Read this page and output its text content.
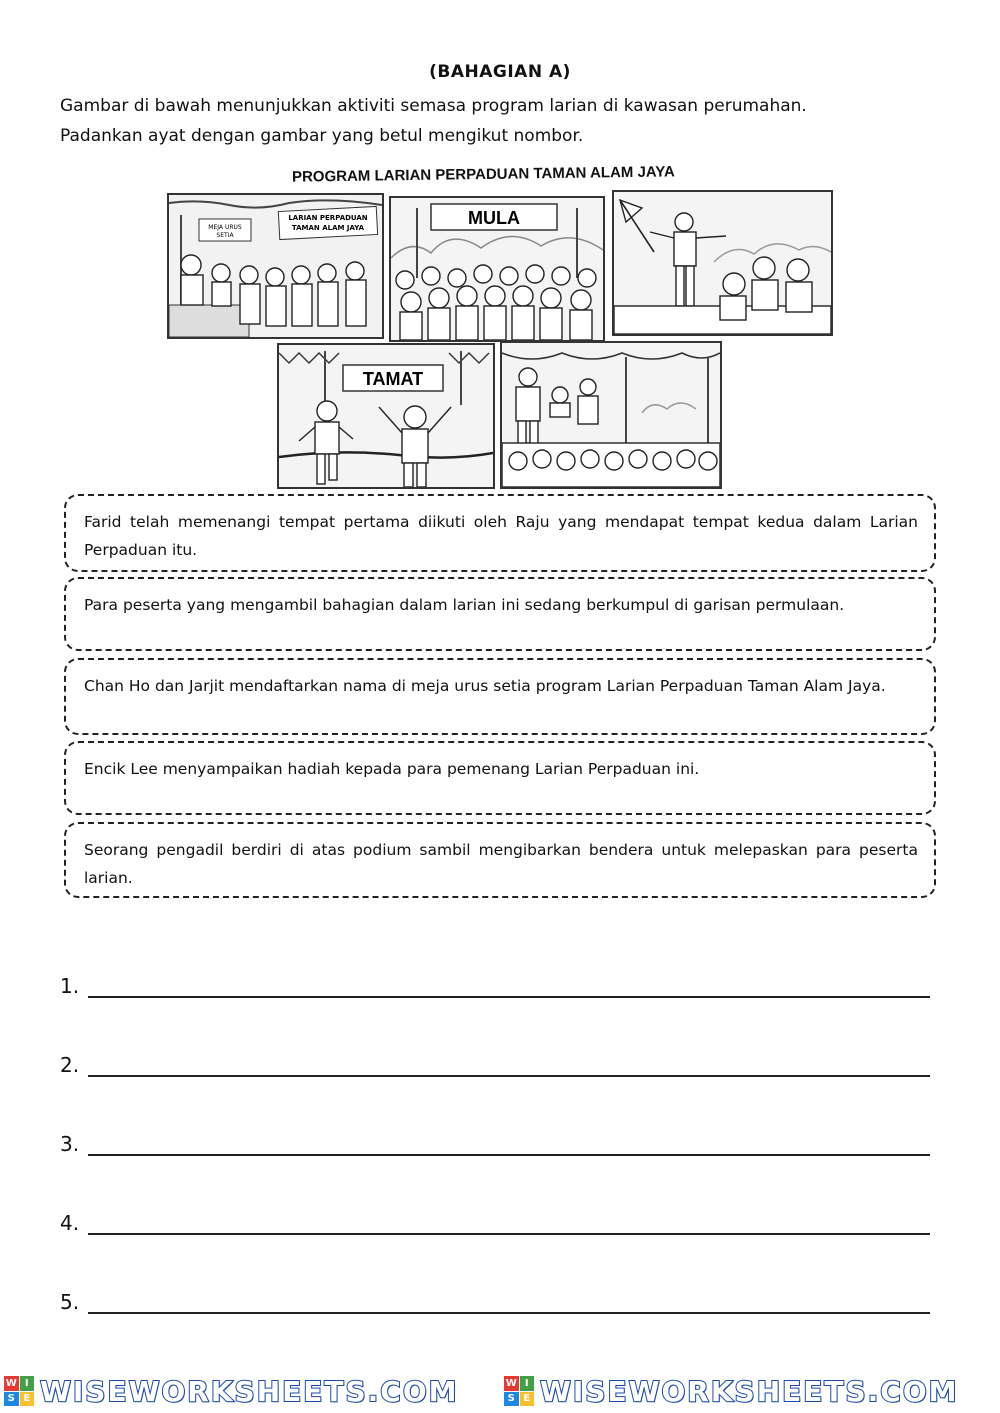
(BAHAGIAN A)
Gambar di bawah menunjukkan aktiviti semasa program larian di kawasan perumahan.
Padankan ayat dengan gambar yang betul mengikut nombor.
PROGRAM LARIAN PERPADUAN TAMAN ALAM JAYA
MEJA URUS
SETIA
LARIAN PERPADUAN
TAMAN ALAM JAYA	MULA
TAMAT
Farid telah memenangi tempat pertama diikuti oleh Raju yang mendapat tempat kedua dalam Larian Perpaduan itu.
Para peserta yang mengambil bahagian dalam larian ini sedang berkumpul di garisan permulaan.
Chan Ho dan Jarjit mendaftarkan nama di meja urus setia program Larian Perpaduan Taman Alam Jaya.
Encik Lee menyampaikan hadiah kepada para pemenang Larian Perpaduan ini.
Seorang pengadil berdiri di atas podium sambil mengibarkan bendera untuk melepaskan para peserta larian.
1.
2.
3.
4.
5.
W I
S E WISEWORKSHEETS.COM	W I
S E WISEWORKSHEETS.COM
